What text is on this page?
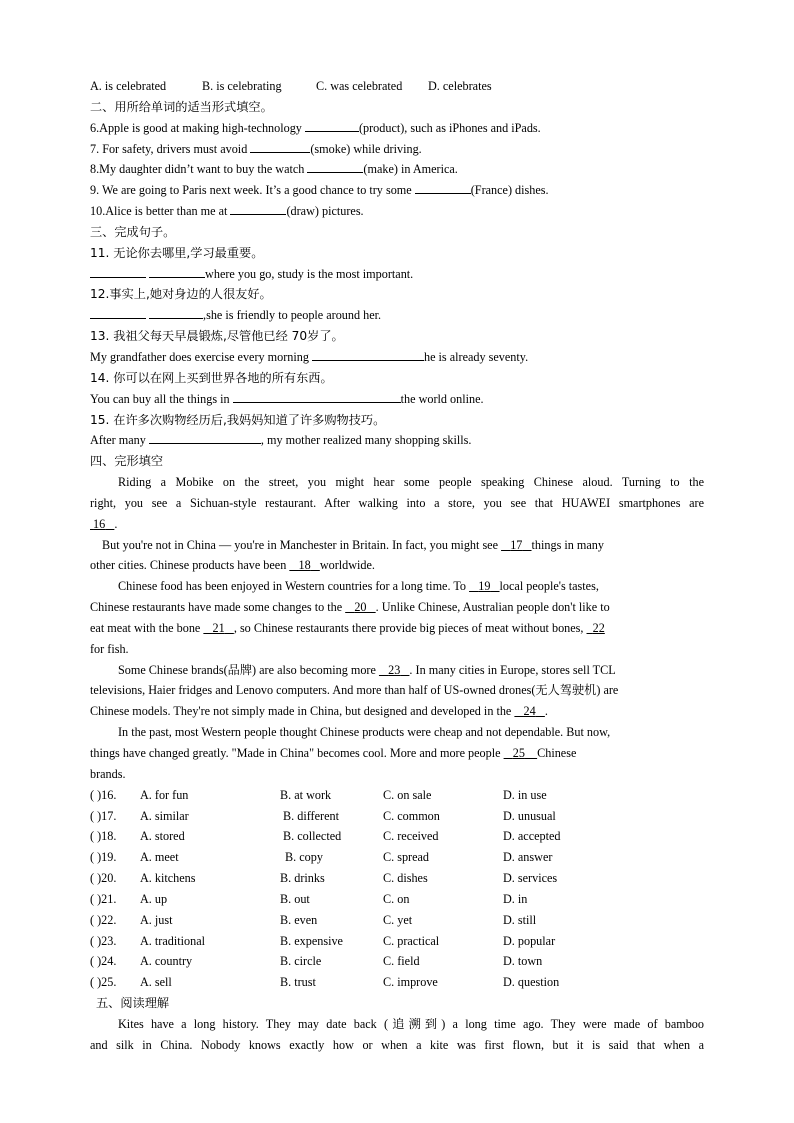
A. is celebrated	B. is celebrating	C. was celebrated D. celebrates
二、用所给单词的适当形式填空。
6.Apple is good at making high-technology	(product), such as iPhones and iPads.
7. For safety, drivers must avoid	(smoke) while driving.
8.My daughter didn’t want to buy the watch	(make) in America.
9. We are going to Paris next week. It’s a good chance to try some	(France) dishes.
10.Alice is better than me at	(draw) pictures.
三、完成句子。
11. 无论你去哪里,学习最重要。
where you go, study is the most important.
12.事实上,她对身边的人很友好。
,she is friendly to people around her.
13. 我祖父每天早晨锻炼,尽管他已经 70岁了。
My grandfather does exercise every morning	he is already seventy.
14. 你可以在网上买到世界各地的所有东西。
You can buy all the things in	the world online.
15. 在许多次购物经历后,我妈妈知道了许多购物技巧。
After many	, my mother realized many shopping skills.
四、完形填空
Riding a Mobike on the street, you might hear some people speaking Chinese aloud. Turning to the
right, you see a Sichuan-style restaurant. After walking into a store, you see that HUAWEI smartphones are
16 .
But you're not in China — you're in Manchester in Britain. In fact, you might see    17 things in many
other cities. Chinese products have been    18 worldwide.
Chinese food has been enjoyed in Western countries for a long time. To    19 local people's tastes,
Chinese restaurants have made some changes to the    20 . Unlike Chinese, Australian people don't like to
eat meat with the bone    21 , so Chinese restaurants there provide big pieces of meat without bones,   22
for fish.
Some Chinese brands(品牌) are also becoming more    23 . In many cities in Europe, stores sell TCL
televisions, Haier fridges and Lenovo computers. And more than half of US-owned drones(无人驾驶机) are
Chinese models. They're not simply made in China, but designed and developed in the    24 .
In the past, most Western people thought Chinese products were cheap and not dependable. But now,
things have changed greatly. "Made in China" becomes cool. More and more people    25 Chinese
brands.
( )16. A. for fun	B. at work	C. on sale	D. in use
( )17. A. similar	B. different	C. common	D. unusual
( )18. A. stored	B. collected	C. received	D. accepted
( )19. A. meet	B. copy	C. spread	D. answer
( )20. A. kitchens	B. drinks	C. dishes	D. services
( )21. A. up	B. out	C. on	D. in
( )22. A. just	B. even	C. yet	D. still
( )23. A. traditional	B. expensive	C. practical	D. popular
( )24. A. country	B. circle	C. field	D. town
( )25. A. sell	B. trust	C. improve	D. question
五、阅读理解
Kites have a long history. They may date back (追溯到) a long time ago. They were made of bamboo
and silk in China. Nobody knows exactly how or when a kite was first flown, but it is said that when a
